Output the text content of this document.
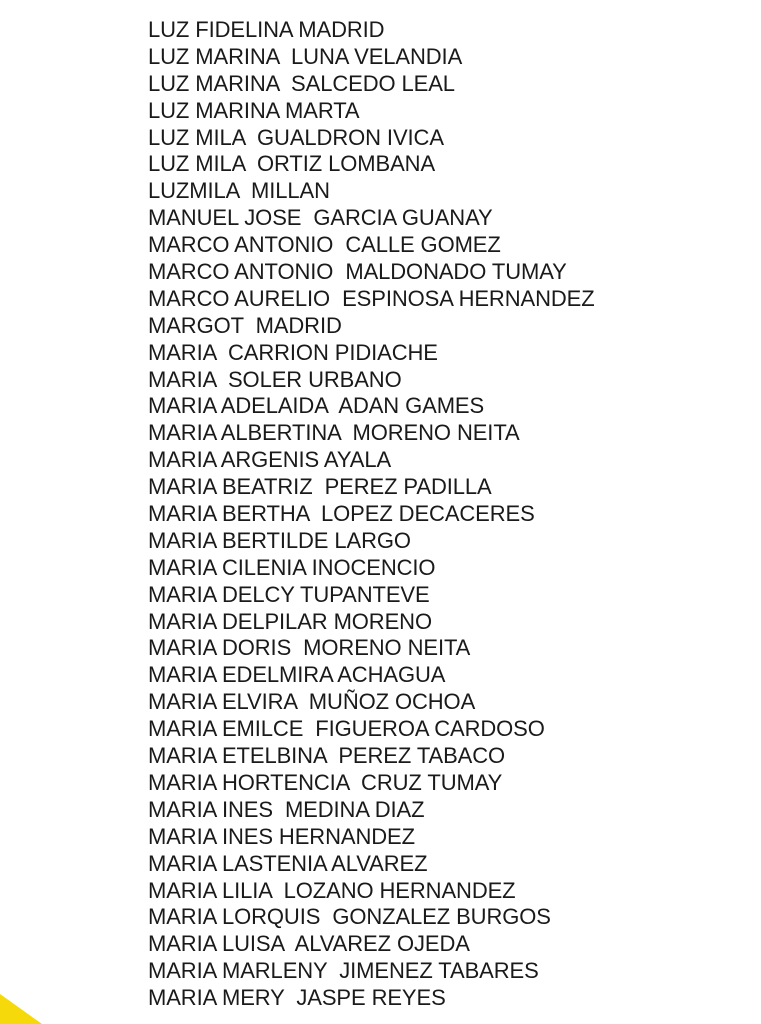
LUZ FIDELINA MADRID
LUZ MARINA  LUNA VELANDIA
LUZ MARINA  SALCEDO LEAL
LUZ MARINA MARTA
LUZ MILA  GUALDRON IVICA
LUZ MILA  ORTIZ LOMBANA
LUZMILA  MILLAN
MANUEL JOSE  GARCIA GUANAY
MARCO ANTONIO  CALLE GOMEZ
MARCO ANTONIO  MALDONADO TUMAY
MARCO AURELIO  ESPINOSA HERNANDEZ
MARGOT  MADRID
MARIA  CARRION PIDIACHE
MARIA  SOLER URBANO
MARIA ADELAIDA  ADAN GAMES
MARIA ALBERTINA  MORENO NEITA
MARIA ARGENIS AYALA
MARIA BEATRIZ  PEREZ PADILLA
MARIA BERTHA  LOPEZ DECACERES
MARIA BERTILDE LARGO
MARIA CILENIA INOCENCIO
MARIA DELCY TUPANTEVE
MARIA DELPILAR MORENO
MARIA DORIS  MORENO NEITA
MARIA EDELMIRA ACHAGUA
MARIA ELVIRA  MUÑOZ OCHOA
MARIA EMILCE  FIGUEROA CARDOSO
MARIA ETELBINA  PEREZ TABACO
MARIA HORTENCIA  CRUZ TUMAY
MARIA INES  MEDINA DIAZ
MARIA INES HERNANDEZ
MARIA LASTENIA ALVAREZ
MARIA LILIA  LOZANO HERNANDEZ
MARIA LORQUIS  GONZALEZ BURGOS
MARIA LUISA  ALVAREZ OJEDA
MARIA MARLENY  JIMENEZ TABARES
MARIA MERY  JASPE REYES
